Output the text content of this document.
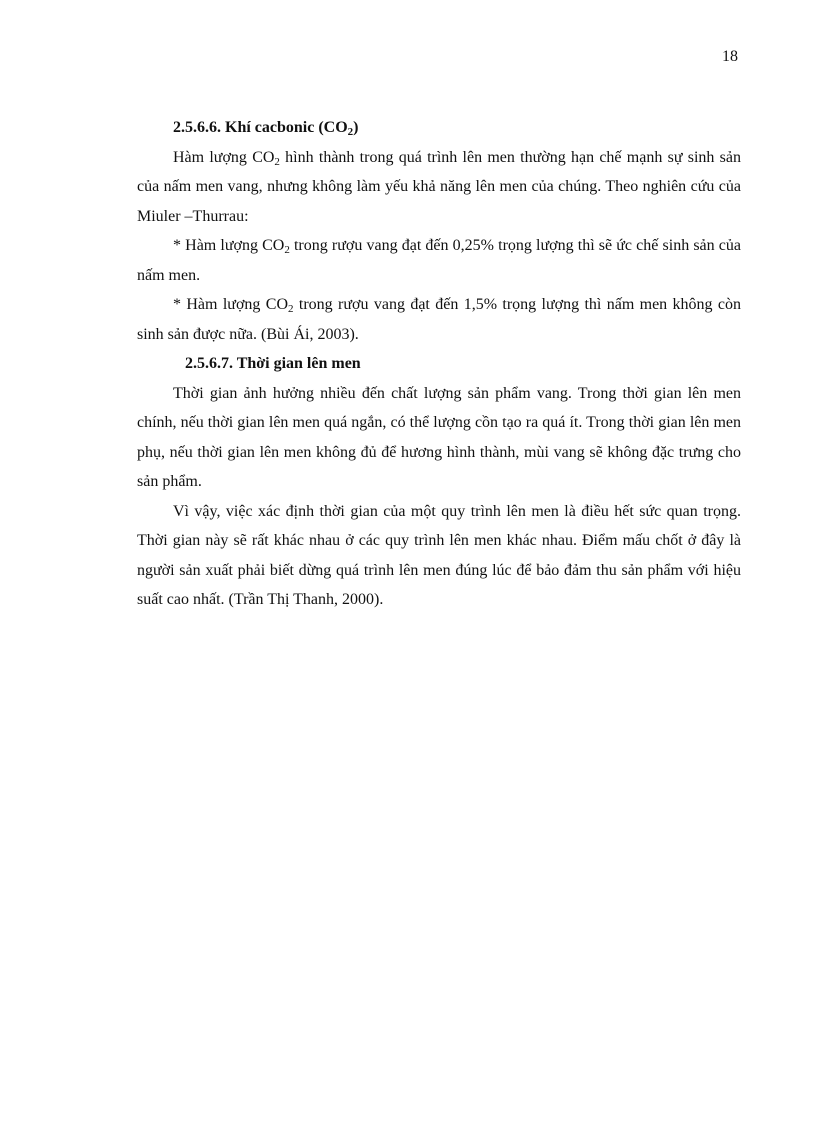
18
2.5.6.6. Khí cacbonic $(CO_2)$

Hàm lượng $CO_2$ hình thành trong quá trình lên men thường hạn chế mạnh sự sinh sản của nấm men vang, nhưng không làm yếu khả năng lên men của chúng. Theo nghiên cứu của Miuler –Thurrau:

* Hàm lượng $CO_2$ trong rượu vang đạt đến 0,25% trọng lượng thì sẽ ức chế sinh sản của nấm men.

* Hàm lượng $CO_2$ trong rượu vang đạt đến 1,5% trọng lượng thì nấm men không còn sinh sản được nữa. (Bùi Ái, 2003).

2.5.6.7. Thời gian lên men

Thời gian ảnh hưởng nhiều đến chất lượng sản phẩm vang. Trong thời gian lên men chính, nếu thời gian lên men quá ngắn, có thể lượng cồn tạo ra quá ít. Trong thời gian lên men phụ, nếu thời gian lên men không đủ để hương hình thành, mùi vang sẽ không đặc trưng cho sản phẩm.

Vì vậy, việc xác định thời gian của một quy trình lên men là điều hết sức quan trọng. Thời gian này sẽ rất khác nhau ở các quy trình lên men khác nhau. Điểm mấu chốt ở đây là người sản xuất phải biết dừng quá trình lên men đúng lúc để bảo đảm thu sản phẩm với hiệu suất cao nhất. (Trần Thị Thanh, 2000).
